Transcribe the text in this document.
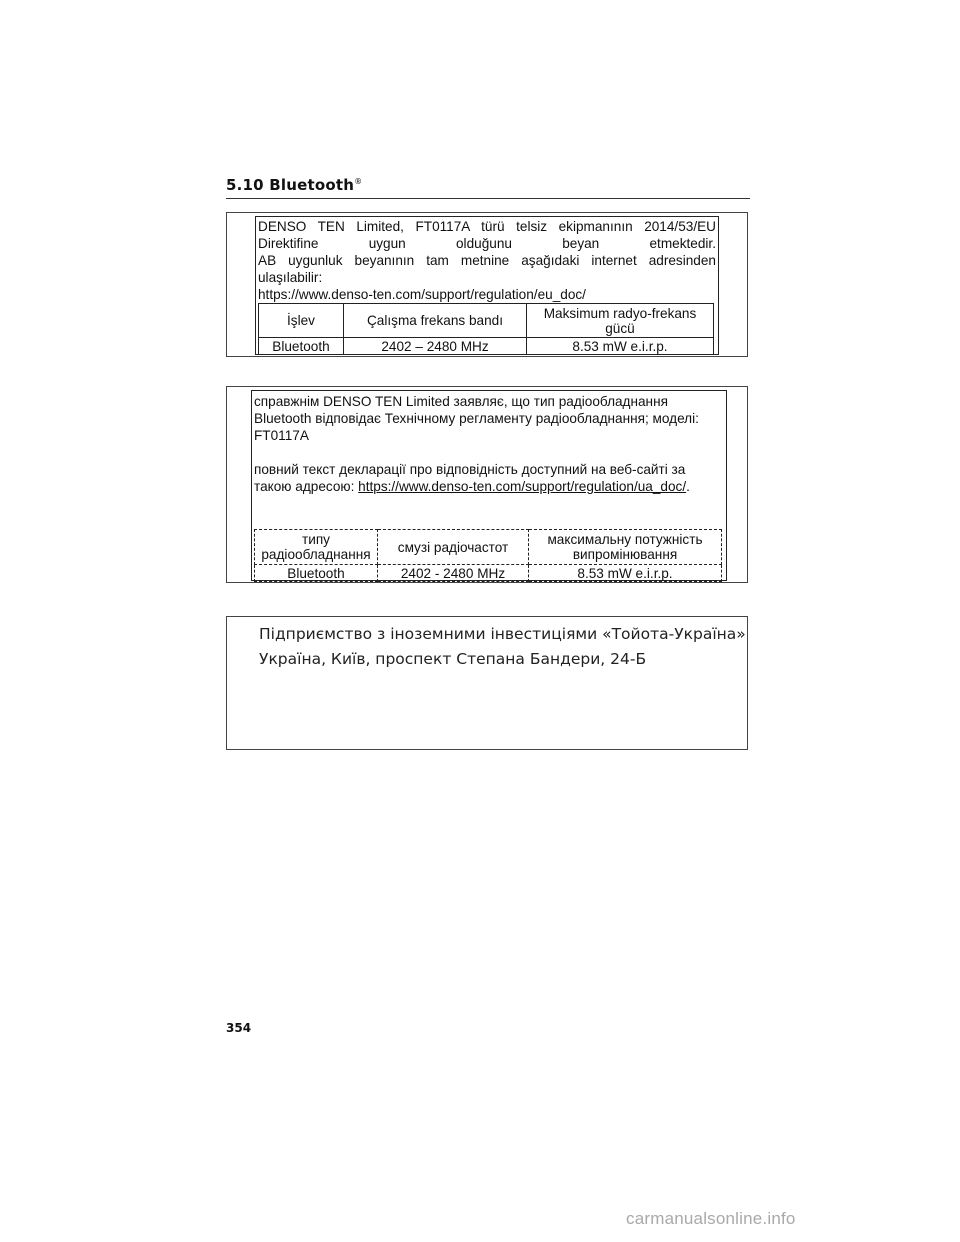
5.10 Bluetooth®
DENSO TEN Limited, FT0117A türü telsiz ekipmanının 2014/53/EU Direktifine uygun olduğunu beyan etmektedir.
AB uygunluk beyanının tam metnine aşağıdaki internet adresinden ulaşılabilir:
https://www.denso-ten.com/support/regulation/eu_doc/
İşlev	Çalışma frekans bandı	Maksimum radyo-frekans gücü
Bluetooth	2402 – 2480 MHz	8.53 mW e.i.r.p.
справжнім DENSO TEN Limited заявляє, що тип радіообладнання Bluetooth відповідає Технічному регламенту радіообладнання; моделі: FT0117A
повний текст декларації про відповідність доступний на веб-сайті за такою адресою: https://www.denso-ten.com/support/regulation/ua_doc/.
типу радіообладнання	смузі радіочастот	максимальну потужність випромінювання
Bluetooth	2402 - 2480 MHz	8.53 mW e.i.r.p.
Підприємство з іноземними інвестиціями «Тойота-Україна»
Україна, Київ, проспект Степана Бандери, 24-Б
354
carmanualsonline.info
